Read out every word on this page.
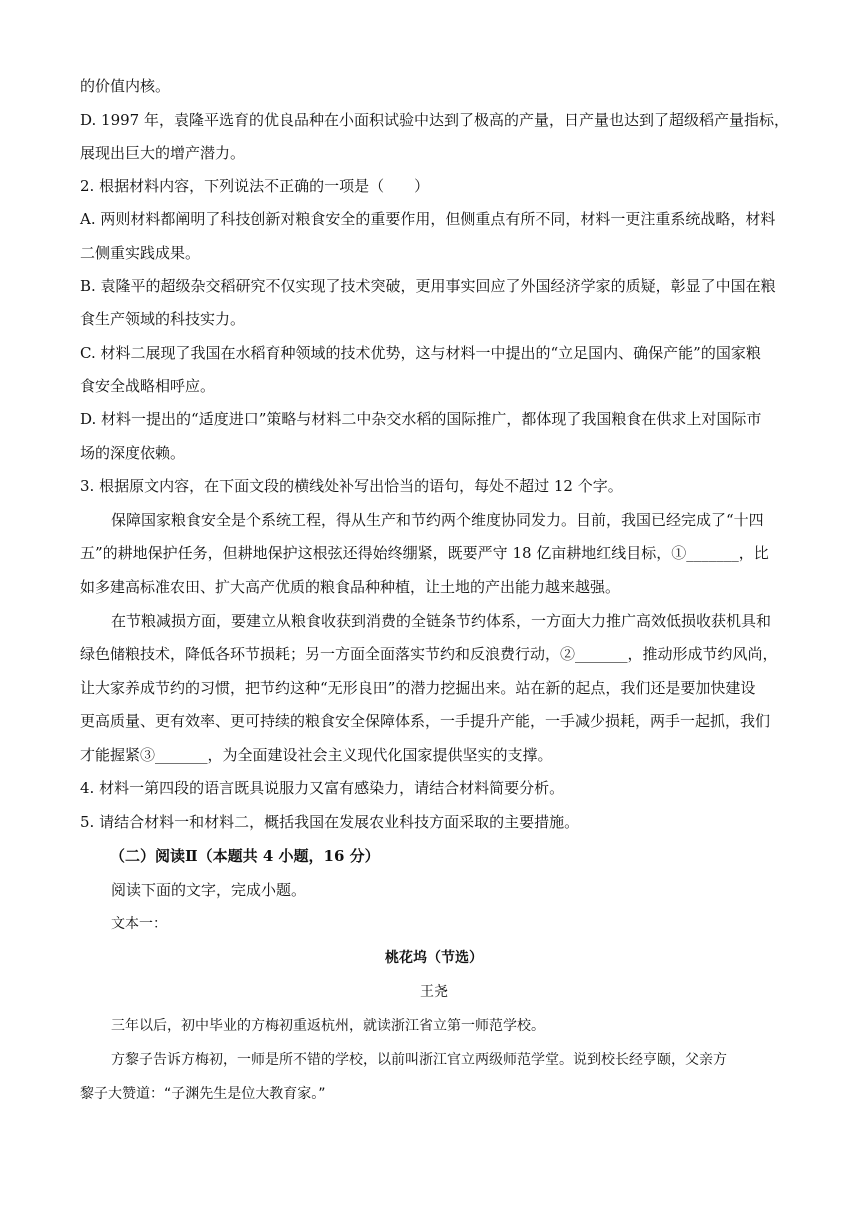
的价值内核。
D. 1997 年，袁隆平选育的优良品种在小面积试验中达到了极高的产量，日产量也达到了超级稻产量指标，
展现出巨大的增产潜力。
2. 根据材料内容，下列说法不正确的一项是（　　）
A. 两则材料都阐明了科技创新对粮食安全的重要作用，但侧重点有所不同，材料一更注重系统战略，材料
二侧重实践成果。
B. 袁隆平的超级杂交稻研究不仅实现了技术突破，更用事实回应了外国经济学家的质疑，彰显了中国在粮
食生产领域的科技实力。
C. 材料二展现了我国在水稻育种领域的技术优势，这与材料一中提出的“立足国内、确保产能”的国家粮
食安全战略相呼应。
D. 材料一提出的“适度进口”策略与材料二中杂交水稻的国际推广，都体现了我国粮食在供求上对国际市
场的深度依赖。
3. 根据原文内容，在下面文段的横线处补写出恰当的语句，每处不超过 12 个字。
保障国家粮食安全是个系统工程，得从生产和节约两个维度协同发力。目前，我国已经完成了“十四
五”的耕地保护任务，但耕地保护这根弦还得始终绷紧，既要严守 18 亿亩耕地红线目标，①_______，比
如多建高标准农田、扩大高产优质的粮食品种种植，让土地的产出能力越来越强。
在节粮减损方面，要建立从粮食收获到消费的全链条节约体系，一方面大力推广高效低损收获机具和
绿色储粮技术，降低各环节损耗；另一方面全面落实节约和反浪费行动，②_______，推动形成节约风尚，
让大家养成节约的习惯，把节约这种“无形良田”的潜力挖掘出来。站在新的起点，我们还是要加快建设
更高质量、更有效率、更可持续的粮食安全保障体系，一手提升产能，一手减少损耗，两手一起抓，我们
才能握紧③_______，为全面建设社会主义现代化国家提供坚实的支撑。
4. 材料一第四段的语言既具说服力又富有感染力，请结合材料简要分析。
5. 请结合材料一和材料二，概括我国在发展农业科技方面采取的主要措施。
（二）阅读Ⅱ（本题共 4 小题，16 分）
阅读下面的文字，完成小题。
文本一：
桃花坞（节选）
王尧
三年以后，初中毕业的方梅初重返杭州，就读浙江省立第一师范学校。
方黎子告诉方梅初，一师是所不错的学校，以前叫浙江官立两级师范学堂。说到校长经亨颐，父亲方
黎子大赞道：“子渊先生是位大教育家。”
